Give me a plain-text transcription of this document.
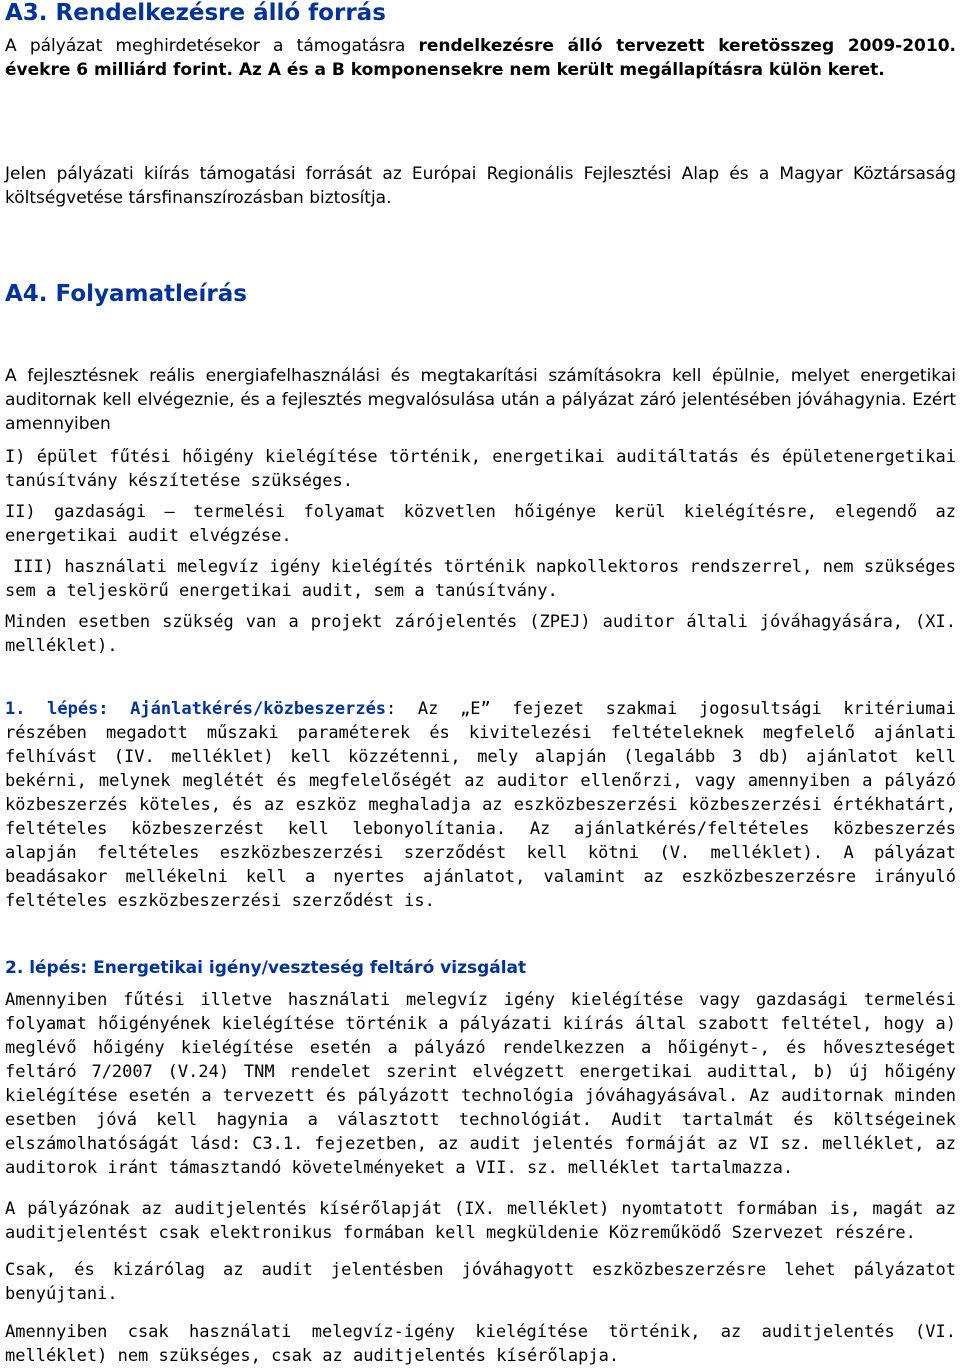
A3. Rendelkezésre álló forrás

A pályázat meghirdetésekor a támogatásra rendelkezésre álló tervezett keretösszeg 2009-2010. évekre 6 milliárd forint. Az A és a B komponensekre nem került megállapításra külön keret.

Jelen pályázati kiírás támogatási forrását az Európai Regionális Fejlesztési Alap és a Magyar Köztársaság költségvetése társfinanszírozásban biztosítja.

A4. Folyamatleírás

A fejlesztésnek reális energiafelhasználási és megtakarítási számításokra kell épülnie, melyet energetikai auditornak kell elvégeznie, és a fejlesztés megvalósulása után a pályázat záró jelentésében jóváhagynia. Ezért amennyiben

I) épület fűtési hőigény kielégítése történik, energetikai auditáltatás és épületenergetikai tanúsítvány készítetése szükséges.

II) gazdasági – termelési folyamat közvetlen hőigénye kerül kielégítésre, elegendő az energetikai audit elvégzése.

III) használati melegvíz igény kielégítés történik napkollektoros rendszerrel, nem szükséges sem a teljeskörű energetikai audit, sem a tanúsítvány.

Minden esetben szükség van a projekt zárójelentés (ZPEJ) auditor általi jóváhagyására, (XI. melléklet).

1. lépés: Ajánlatkérés/közbeszerzés: Az „E” fejezet szakmai jogosultsági kritériumai részében megadott műszaki paraméterek és kivitelezési feltételeknek megfelelő ajánlati felhívást (IV. melléklet) kell közzétenni, mely alapján (legalább 3 db) ajánlatot kell bekérni, melynek meglétét és megfelelőségét az auditor ellenőrzi, vagy amennyiben a pályázó közbeszerzés köteles, és az eszköz meghaladja az eszközbeszerzési közbeszerzési értékhatárt, feltételes közbeszerzést kell lebonyolítania. Az ajánlatkérés/feltételes közbeszerzés alapján feltételes eszközbeszerzési szerződést kell kötni (V. melléklet). A pályázat beadásakor mellékelni kell a nyertes ajánlatot, valamint az eszközbeszerzésre irányuló feltételes eszközbeszerzési szerződést is.

2. lépés: Energetikai igény/veszteség feltáró vizsgálat

Amennyiben fűtési illetve használati melegvíz igény kielégítése vagy gazdasági termelési folyamat hőigényének kielégítése történik a pályázati kiírás által szabott feltétel, hogy a) meglévő hőigény kielégítése esetén a pályázó rendelkezzen a hőigényt-, és hőveszteséget feltáró 7/2007 (V.24) TNM rendelet szerint elvégzett energetikai audittal, b) új hőigény kielégítése esetén a tervezett és pályázott technológia jóváhagyásával. Az auditornak minden esetben jóvá kell hagynia a választott technológiát. Audit tartalmát és költségeinek elszámolhatóságát lásd: C3.1. fejezetben, az audit jelentés formáját az VI sz. melléklet, az auditorok iránt támasztandó követelményeket a VII. sz. melléklet tartalmazza.

A pályázónak az auditjelentés kísérőlapját (IX. melléklet) nyomtatott formában is, magát az auditjelentést csak elektronikus formában kell megküldenie Közreműködő Szervezet részére.

Csak, és kizárólag az audit jelentésben jóváhagyott eszközbeszerzésre lehet pályázatot benyújtani.

Amennyiben csak használati melegvíz-igény kielégítése történik, az auditjelentés (VI. melléklet) nem szükséges, csak az auditjelentés kísérőlapja.
